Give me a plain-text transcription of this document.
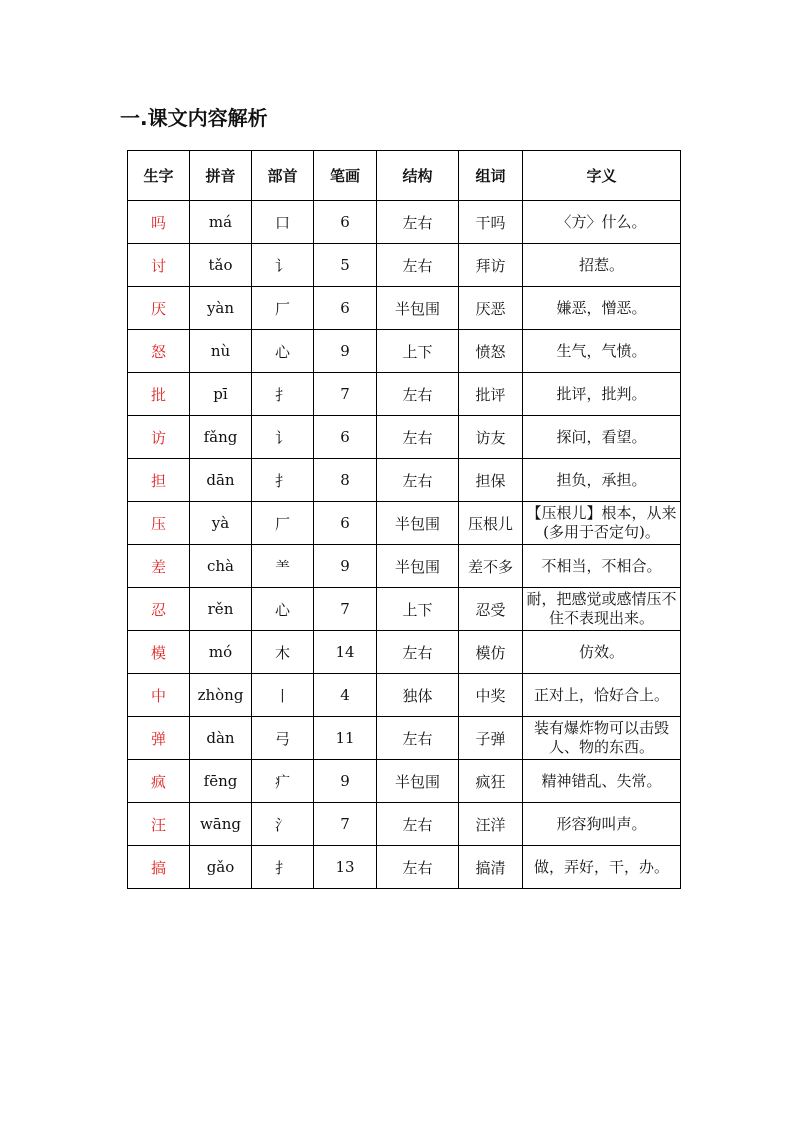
一.课文内容解析
生字	拼音	部首	笔画	结构	组词	字义
吗	má	口	6	左右	干吗	〈方〉什么。
讨	tǎo	讠	5	左右	拜访	招惹。
厌	yàn	厂	6	半包围	厌恶	嫌恶，憎恶。
怒	nù	心	9	上下	愤怒	生气，气愤。
批	pī	扌	7	左右	批评	批评，批判。
访	fǎng	讠	6	左右	访友	探问，看望。
担	dān	扌	8	左右	担保	担负，承担。
压	yà	厂	6	半包围	压根儿	【压根儿】根本，从来(多用于否定句)。
差	chà	⺷	9	半包围	差不多	不相当，不相合。
忍	rěn	心	7	上下	忍受	耐，把感觉或感情压不住不表现出来。
模	mó	木	14	左右	模仿	仿效。
中	zhòng	丨	4	独体	中奖	正对上，恰好合上。
弹	dàn	弓	11	左右	子弹	装有爆炸物可以击毁人、物的东西。
疯	fēng	疒	9	半包围	疯狂	精神错乱、失常。
汪	wāng	氵	7	左右	汪洋	形容狗叫声。
搞	gǎo	扌	13	左右	搞清	做，弄好，干，办。
